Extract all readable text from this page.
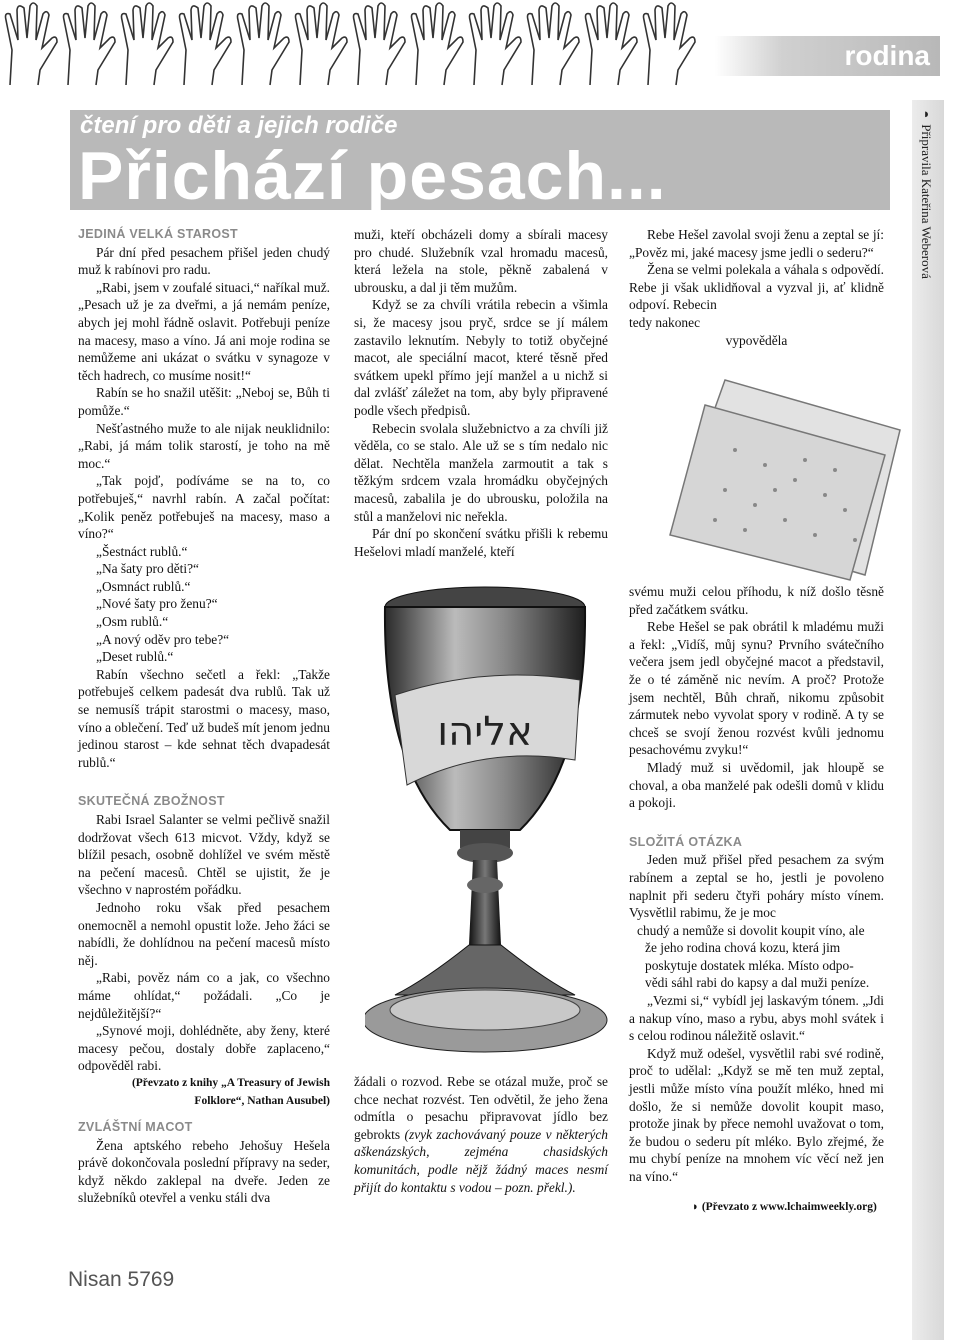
rodina
◗ Připravila Kateřina Weberová
čtení pro děti a jejich rodiče
Přichází pesach...
JEDINÁ VELKÁ STAROST

Pár dní před pesachem přišel jeden chudý muž k rabínovi pro radu.

„Rabi, jsem v zoufalé situaci,“ naříkal muž. „Pesach už je za dveřmi, a já nemám peníze, abych jej mohl řádně oslavit. Potřebuji peníze na macesy, maso a víno. Já ani moje rodina se nemůžeme ani ukázat o svátku v synagoze v těch hadrech, co musíme nosit!“

Rabín se ho snažil utěšit: „Neboj se, Bůh ti pomůže.“

Nešťastného muže to ale nijak neuklidnilo: „Rabi, já mám tolik starostí, je toho na mě moc.“

„Tak pojď, podíváme se na to, co potřebuješ,“ navrhl rabín. A začal počítat: „Kolik peněz potřebuješ na macesy, maso a víno?“

„Šestnáct rublů.“

„Na šaty pro děti?“

„Osmnáct rublů.“

„Nové šaty pro ženu?“

„Osm rublů.“

„A nový oděv pro tebe?“

„Deset rublů.“

Rabín všechno sečetl a řekl: „Takže potřebuješ celkem padesát dva rublů. Tak už se nemusíš trápit starostmi o macesy, maso, víno a oblečení. Teď už budeš mít jenom jednu jedinou starost – kde sehnat těch dvapadesát rublů.“

SKUTEČNÁ ZBOŽNOST

Rabi Israel Salanter se velmi pečlivě snažil dodržovat všech 613 micvot. Vždy, když se blížil pesach, osobně dohlížel ve svém městě na pečení macesů. Chtěl se ujistit, že je všechno v naprostém pořádku.

Jednoho roku však před pesachem onemocněl a nemohl opustit lože. Jeho žáci se nabídli, že dohlídnou na pečení macesů místo něj.

„Rabi, pověz nám co a jak, co všechno máme ohlídat,“ požádali. „Co je nejdůležitější?“

„Synové moji, dohlédněte, aby ženy, které macesy pečou, dostaly dobře zaplaceno,“ odpověděl rabi.

(Převzato z knihy „A Treasury of Jewish

Folklore“, Nathan Ausubel)

ZVLÁŠTNÍ MACOT

Žena aptského rebeho Jehošuy Hešela právě dokončovala poslední přípravy na seder, když někdo zaklepal na dveře. Jeden ze služebníků otevřel a venku stáli dva

muži, kteří obcházeli domy a sbírali macesy pro chudé. Služebník vzal hromadu macesů, která ležela na stole, pěkně zabalená v ubrousku, a dal ji těm mužům.

Když se za chvíli vrátila rebecin a všimla si, že macesy jsou pryč, srdce se jí málem zastavilo leknutím. Nebyly to totiž obyčejné macot, ale speciální macot, které těsně před svátkem upekl přímo její manžel a u nichž si dal zvlášť záležet na tom, aby byly připravené podle všech předpisů.

Rebecin svolala služebnictvo a za chvíli již věděla, co se stalo. Ale už se s tím nedalo nic dělat. Nechtěla manžela zarmoutit a tak s těžkým srdcem vzala hromádku obyčejných macesů, zabalila je do ubrousku, položila na stůl a manželovi nic neřekla.

Pár dní po skončení svátku přišli k rebemu Hešelovi mladí manželé, kteří

אליהו

žádali o rozvod. Rebe se otázal muže, proč se chce nechat rozvést. Ten odvětil, že jeho žena odmítla o pesachu připravovat jídlo bez gebrokts (zvyk zachovávaný pouze v některých aškenázských, zejména chasidských komunitách, podle nějž žádný maces nesmí přijít do kontaktu s vodou – pozn. překl.).

Rebe Hešel zavolal svoji ženu a zeptal se jí: „Pověz mi, jaké macesy jsme jedli o sederu?“

Žena se velmi polekala a váhala s odpovědí. Rebe ji však uklidňoval a vyzval ji, ať klidně odpoví. Rebecin

tedy nakonec

vypověděla

svému muži celou příhodu, k níž došlo těsně před začátkem svátku.

Rebe Hešel se pak obrátil k mladému muži a řekl: „Vidíš, můj synu? Prvního svátečního večera jsem jedl obyčejné macot a představil, že o té záměně nic nevím. A proč? Protože jsem nechtěl, Bůh chraň, nikomu způsobit zármutek nebo vyvolat spory v rodině. A ty se chceš se svojí ženou rozvést kvůli jednomu pesachovému zvyku!“

Mladý muž si uvědomil, jak hloupě se choval, a oba manželé pak odešli domů v klidu a pokoji.

SLOŽITÁ OTÁZKA

Jeden muž přišel před pesachem za svým rabínem a zeptal se ho, jestli je povoleno naplnit při sederu čtyři poháry místo vínem. Vysvětlil rabimu, že je moc

chudý a nemůže si dovolit koupit víno, ale

že jeho rodina chová kozu, která jim

poskytuje dostatek mléka. Místo odpo-

vědi sáhl rabi do kapsy a dal muži peníze.

„Vezmi si,“ vybídl jej laskavým tónem. „Jdi a nakup víno, maso a rybu, abys mohl svátek i s celou rodinou náležitě oslavit.“

Když muž odešel, vysvětlil rabi své rodině, proč to udělal: „Když se mě ten muž zeptal, jestli může místo vína použít mléko, hned mi došlo, že si nemůže dovolit koupit maso, protože jinak by přece nemohl uvažovat o tom, že budou o sederu pít mléko. Bylo zřejmé, že mu chybí peníze na mnohem víc věcí než jen na víno.“

◗ (Převzato z www.lchaimweekly.org)
Nisan 5769
